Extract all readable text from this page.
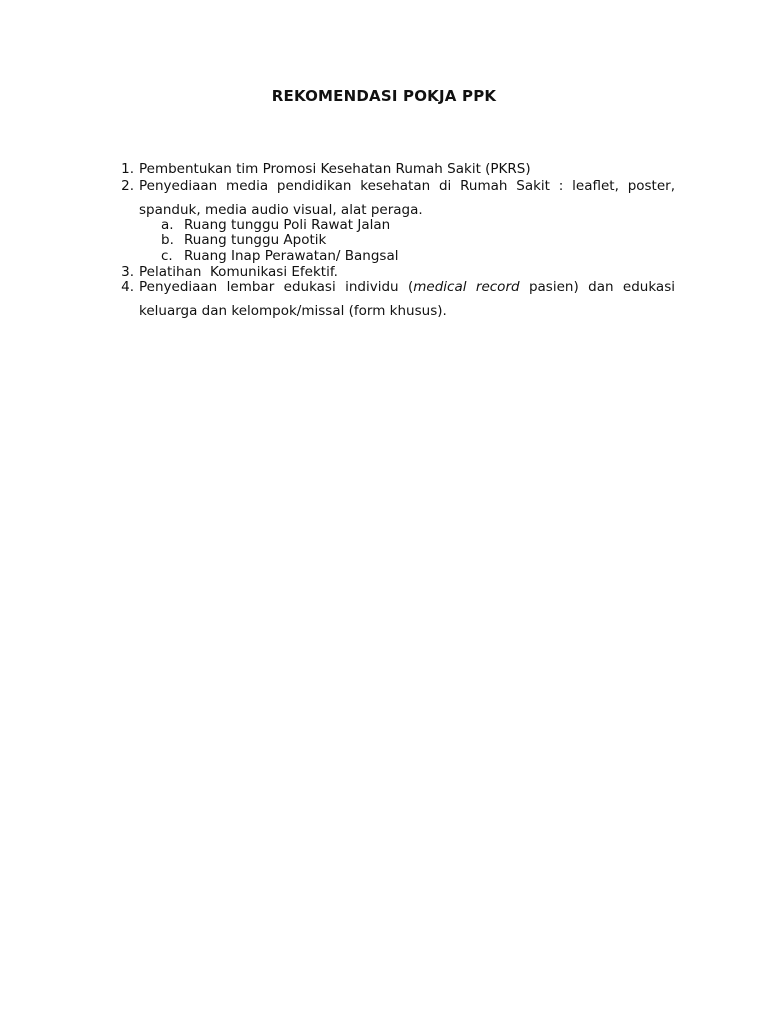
REKOMENDASI POKJA PPK
1. Pembentukan tim Promosi Kesehatan Rumah Sakit (PKRS)
2. Penyediaan media pendidikan kesehatan di Rumah Sakit : leaflet, poster,
spanduk, media audio visual, alat peraga.
a. Ruang tunggu Poli Rawat Jalan
b. Ruang tunggu Apotik
c. Ruang Inap Perawatan/ Bangsal
3. Pelatihan  Komunikasi Efektif.
4. Penyediaan lembar edukasi individu (medical record pasien) dan edukasi
keluarga dan kelompok/missal (form khusus).
